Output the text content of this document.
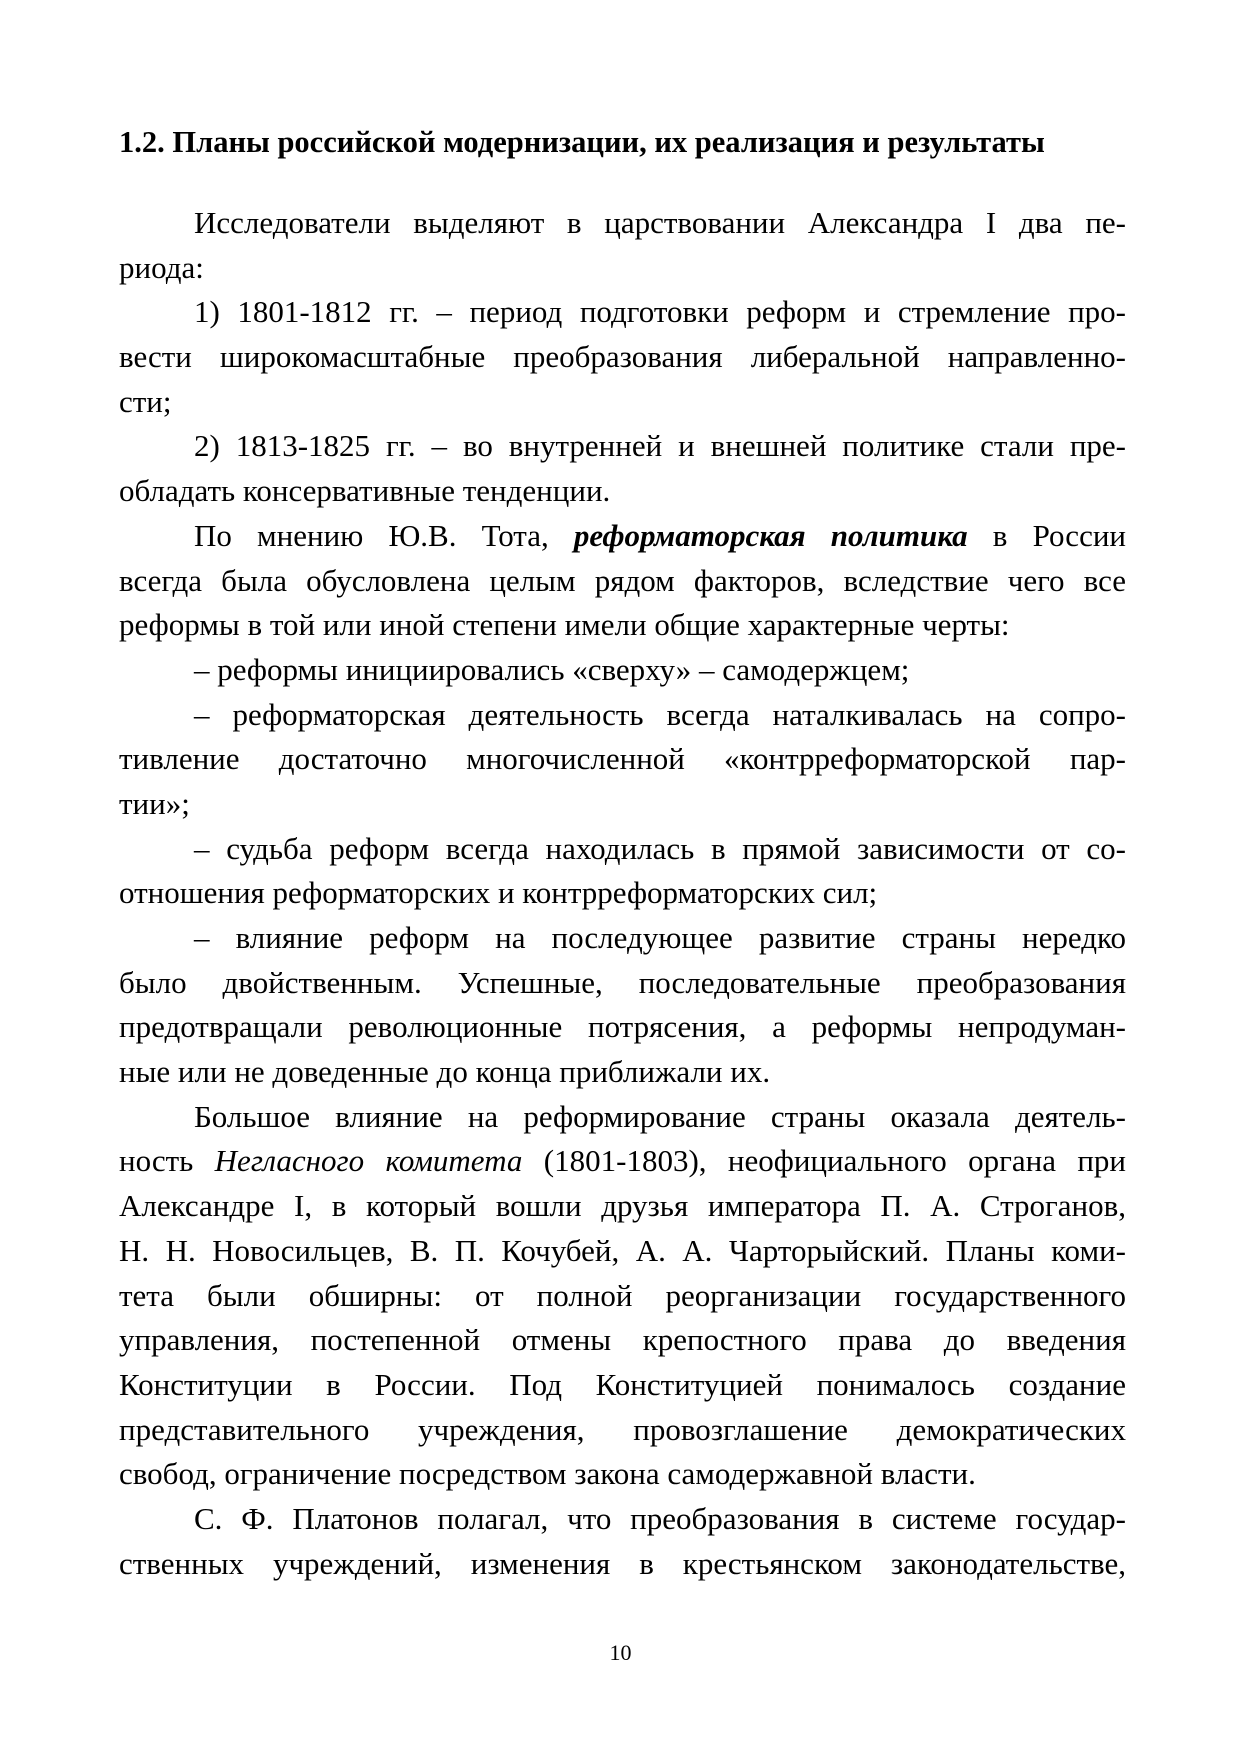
1.2. Планы российской модернизации, их реализация и результаты
Исследователи выделяют в царствовании Александра I два пе-
риода:
1) 1801-1812 гг. – период подготовки реформ и стремление про-
вести широкомасштабные преобразования либеральной направленно-
сти;
2) 1813-1825 гг. – во внутренней и внешней политике стали пре-
обладать консервативные тенденции.
По мнению Ю.В. Тота, реформаторская политика в России
всегда была обусловлена целым рядом факторов, вследствие чего все
реформы в той или иной степени имели общие характерные черты:
– реформы инициировались «сверху» – самодержцем;
– реформаторская деятельность всегда наталкивалась на сопро-
тивление достаточно многочисленной «контрреформаторской пар-
тии»;
– судьба реформ всегда находилась в прямой зависимости от со-
отношения реформаторских и контрреформаторских сил;
– влияние реформ на последующее развитие страны нередко
было двойственным. Успешные, последовательные преобразования
предотвращали революционные потрясения, а реформы непродуман-
ные или не доведенные до конца приближали их.
Большое влияние на реформирование страны оказала деятель-
ность Негласного комитета (1801-1803), неофициального органа при
Александре I, в который вошли друзья императора П. А. Строганов,
Н. Н. Новосильцев, В. П. Кочубей, А. А. Чарторыйский. Планы коми-
тета были обширны: от полной реорганизации государственного
управления, постепенной отмены крепостного права до введения
Конституции в России. Под Конституцией понималось создание
представительного учреждения, провозглашение демократических
свобод, ограничение посредством закона самодержавной власти.
С. Ф. Платонов полагал, что преобразования в системе государ-
ственных учреждений, изменения в крестьянском законодательстве,
10
